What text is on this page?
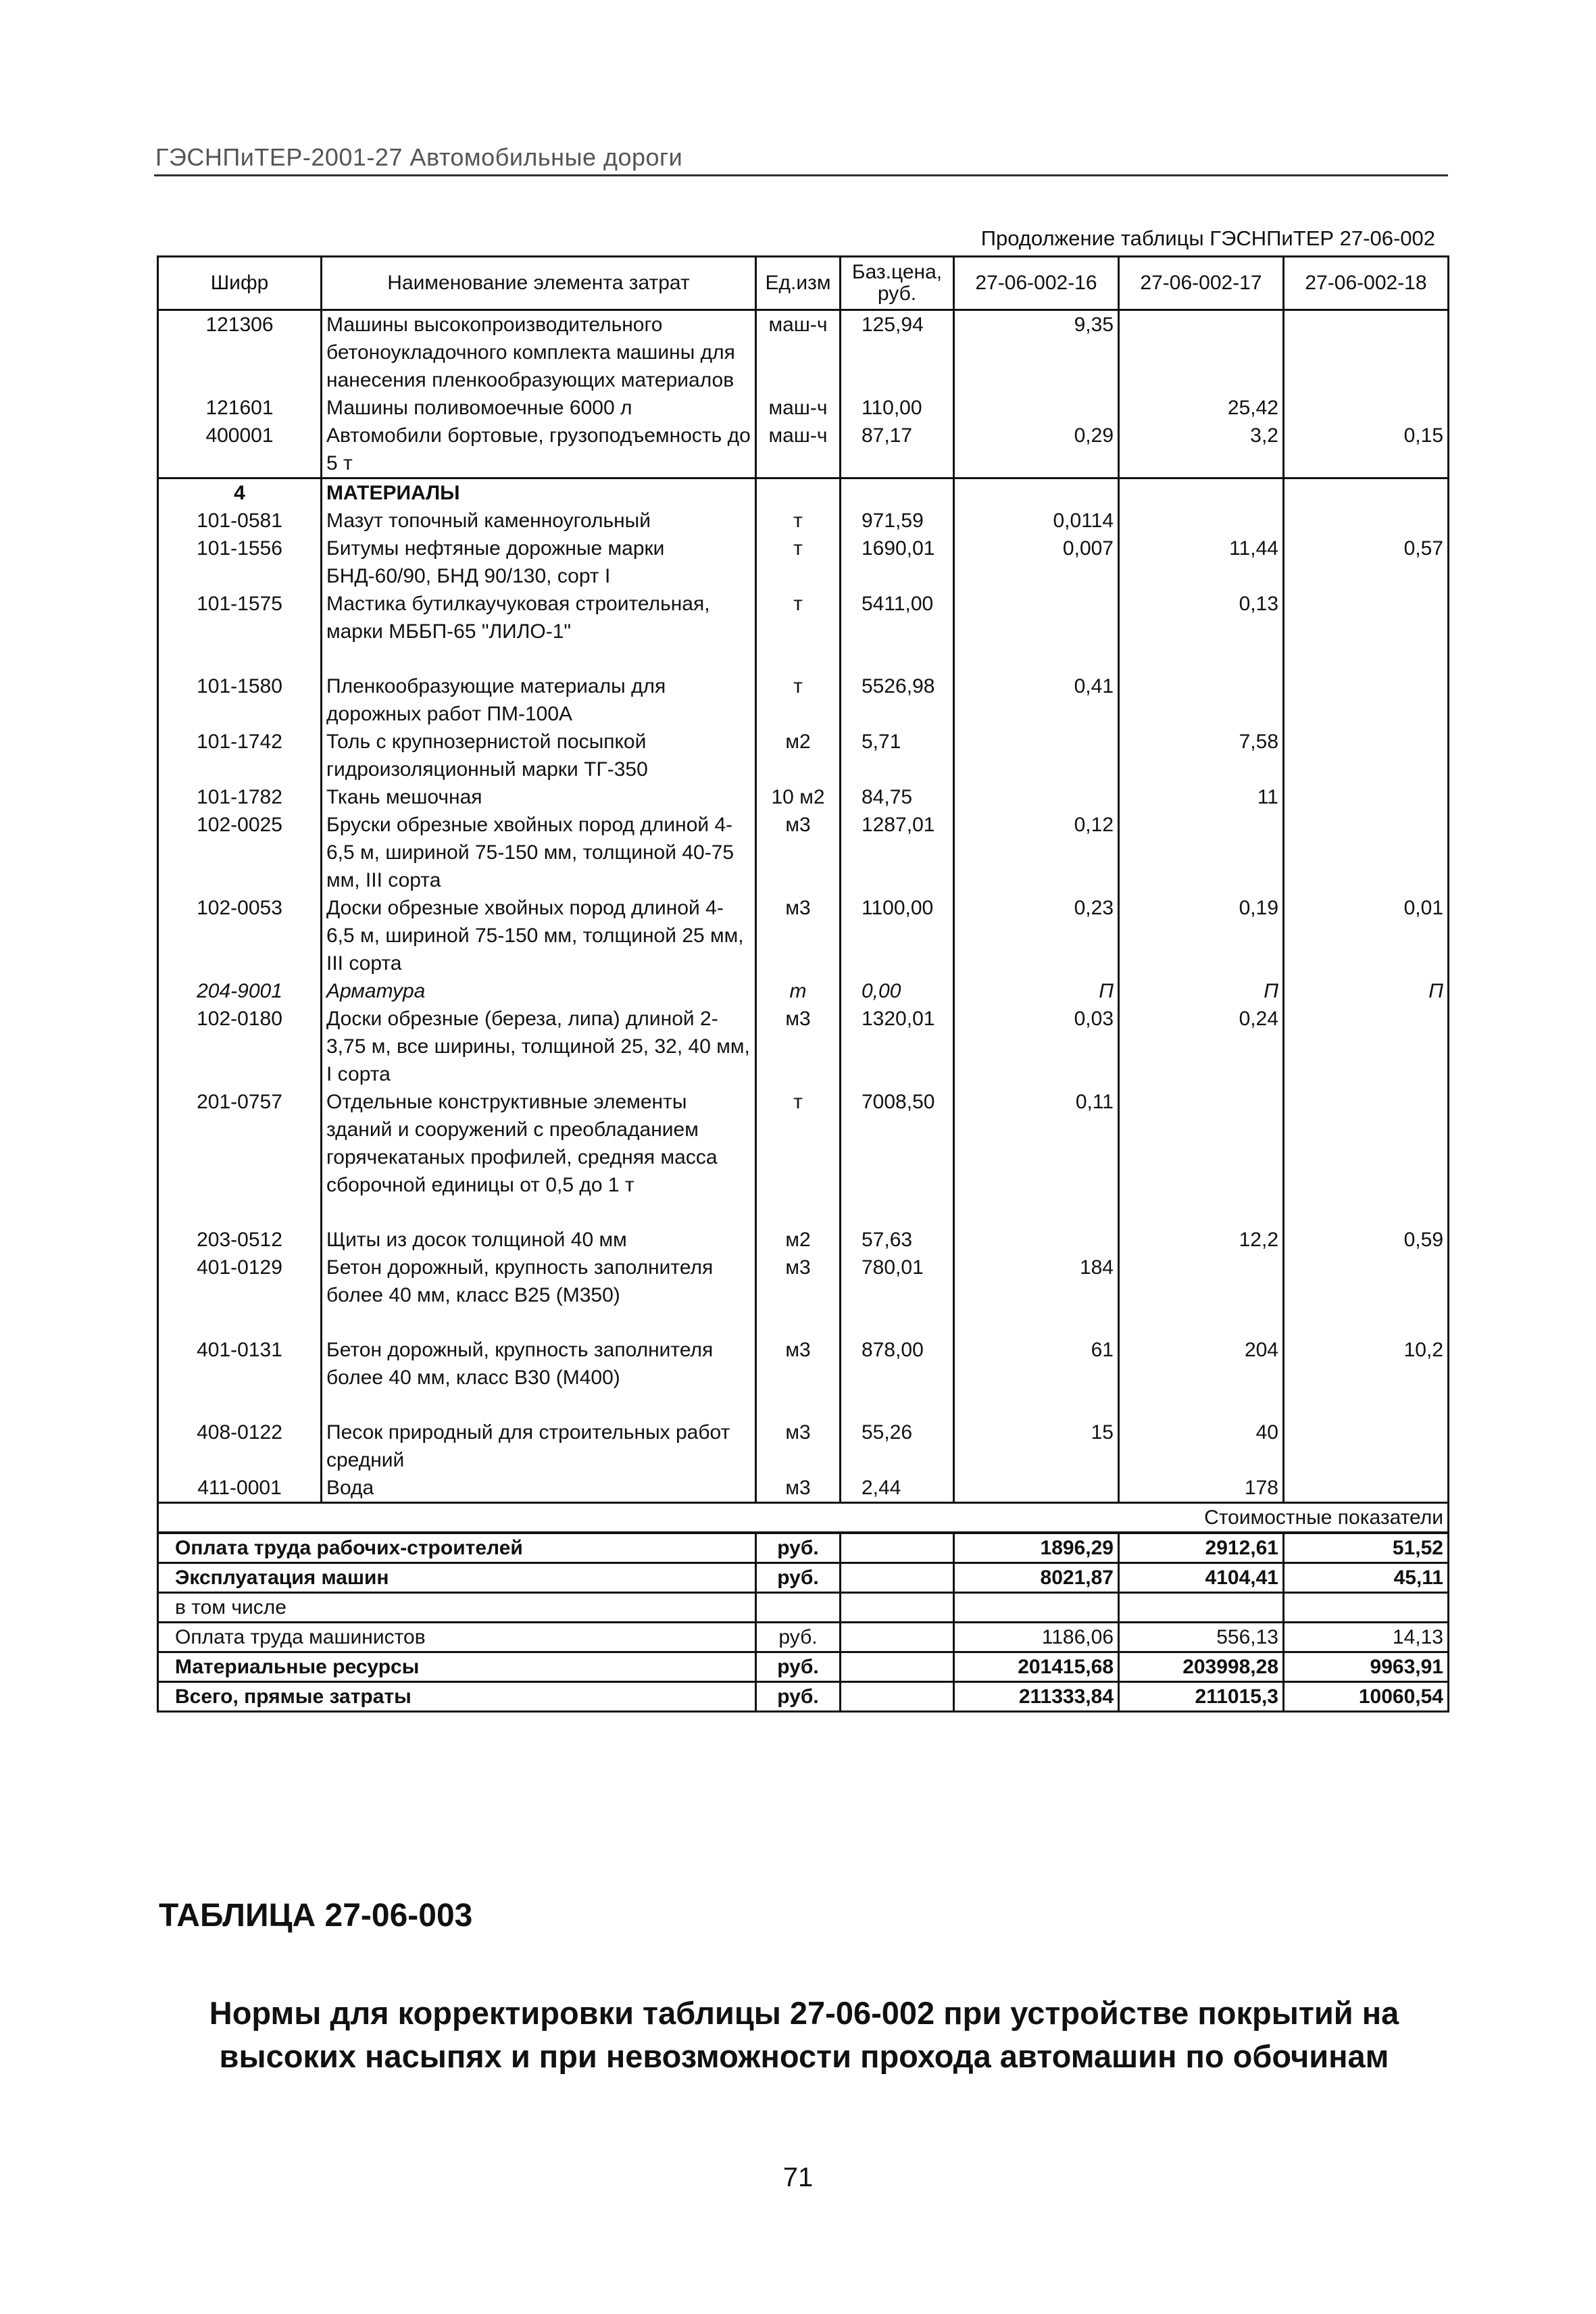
ГЭСНПиТЕР-2001-27 Автомобильные дороги
Продолжение таблицы ГЭСНПиТЕР 27-06-002
Шифр	Наименование элемента затрат	Ед.изм	Баз.цена, руб.	27-06-002-16	27-06-002-17	27-06-002-18
121306	Машины высокопроизводительного бетоноукладочного комплекта машины для нанесения пленкообразующих материалов	маш-ч	125,94	9,35		
121601	Машины поливомоечные 6000 л	маш-ч	110,00		25,42	
400001	Автомобили бортовые, грузоподъемность до 5 т	маш-ч	87,17	0,29	3,2	0,15
4	МАТЕРИАЛЫ					
101-0581	Мазут топочный каменноугольный	т	971,59	0,0114		
101-1556	Битумы нефтяные дорожные марки БНД-60/90, БНД 90/130, сорт I	т	1690,01	0,007	11,44	0,57
101-1575	Мастика бутилкаучуковая строительная, марки МББП-65 "ЛИЛО-1"	т	5411,00		0,13	

101-1580	Пленкообразующие материалы для дорожных работ ПМ-100А	т	5526,98	0,41		
101-1742	Толь с крупнозернистой посыпкой гидроизоляционный марки ТГ-350	м2	5,71		7,58	
101-1782	Ткань мешочная	10 м2	84,75		11	
102-0025	Бруски обрезные хвойных пород длиной 4-6,5 м, шириной 75-150 мм, толщиной 40-75 мм, III сорта	м3	1287,01	0,12		
102-0053	Доски обрезные хвойных пород длиной 4-6,5 м, шириной 75-150 мм, толщиной 25 мм, III сорта	м3	1100,00	0,23	0,19	0,01
204-9001	Арматура	т	0,00	П	П	П
102-0180	Доски обрезные (береза, липа) длиной 2-3,75 м, все ширины, толщиной 25, 32, 40 мм, I сорта	м3	1320,01	0,03	0,24	
201-0757	Отдельные конструктивные элементы зданий и сооружений с преобладанием горячекатаных профилей, средняя масса сборочной единицы от 0,5 до 1 т	т	7008,50	0,11		

203-0512	Щиты из досок толщиной 40 мм	м2	57,63		12,2	0,59
401-0129	Бетон дорожный, крупность заполнителя более 40 мм, класс В25 (М350)	м3	780,01	184		

401-0131	Бетон дорожный, крупность заполнителя более 40 мм, класс В30 (М400)	м3	878,00	61	204	10,2

408-0122	Песок природный для строительных работ средний	м3	55,26	15	40	
411-0001	Вода	м3	2,44		178	
Стоимостные показатели						
Оплата труда рабочих-строителей		руб.		1896,29	2912,61	51,52
Эксплуатация машин		руб.		8021,87	4104,41	45,11
в том числе						
Оплата труда машинистов		руб.		1186,06	556,13	14,13
Материальные ресурсы		руб.		201415,68	203998,28	9963,91
Всего, прямые затраты		руб.		211333,84	211015,3	10060,54
ТАБЛИЦА 27-06-003
Нормы для корректировки таблицы 27-06-002 при устройстве покрытий на высоких насыпях и при невозможности прохода автомашин по обочинам
71
